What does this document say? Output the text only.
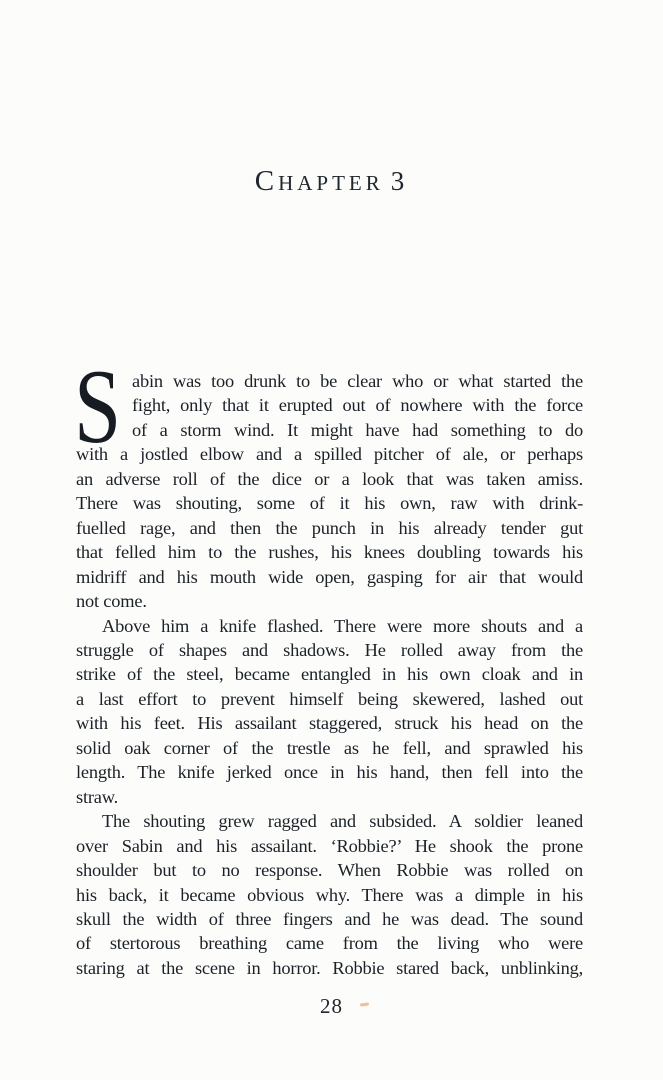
CHAPTER 3
S abin was too drunk to be clear who or what started the
fight, only that it erupted out of nowhere with the force
of a storm wind. It might have had something to do
with a jostled elbow and a spilled pitcher of ale, or perhaps
an adverse roll of the dice or a look that was taken amiss.
There was shouting, some of it his own, raw with drink-
fuelled rage, and then the punch in his already tender gut
that felled him to the rushes, his knees doubling towards his
midriff and his mouth wide open, gasping for air that would
not come.
Above him a knife flashed. There were more shouts and a
struggle of shapes and shadows. He rolled away from the
strike of the steel, became entangled in his own cloak and in
a last effort to prevent himself being skewered, lashed out
with his feet. His assailant staggered, struck his head on the
solid oak corner of the trestle as he fell, and sprawled his
length. The knife jerked once in his hand, then fell into the
straw.
The shouting grew ragged and subsided. A soldier leaned
over Sabin and his assailant. ‘Robbie?’ He shook the prone
shoulder but to no response. When Robbie was rolled on
his back, it became obvious why. There was a dimple in his
skull the width of three fingers and he was dead. The sound
of stertorous breathing came from the living who were
staring at the scene in horror. Robbie stared back, unblinking,
28
